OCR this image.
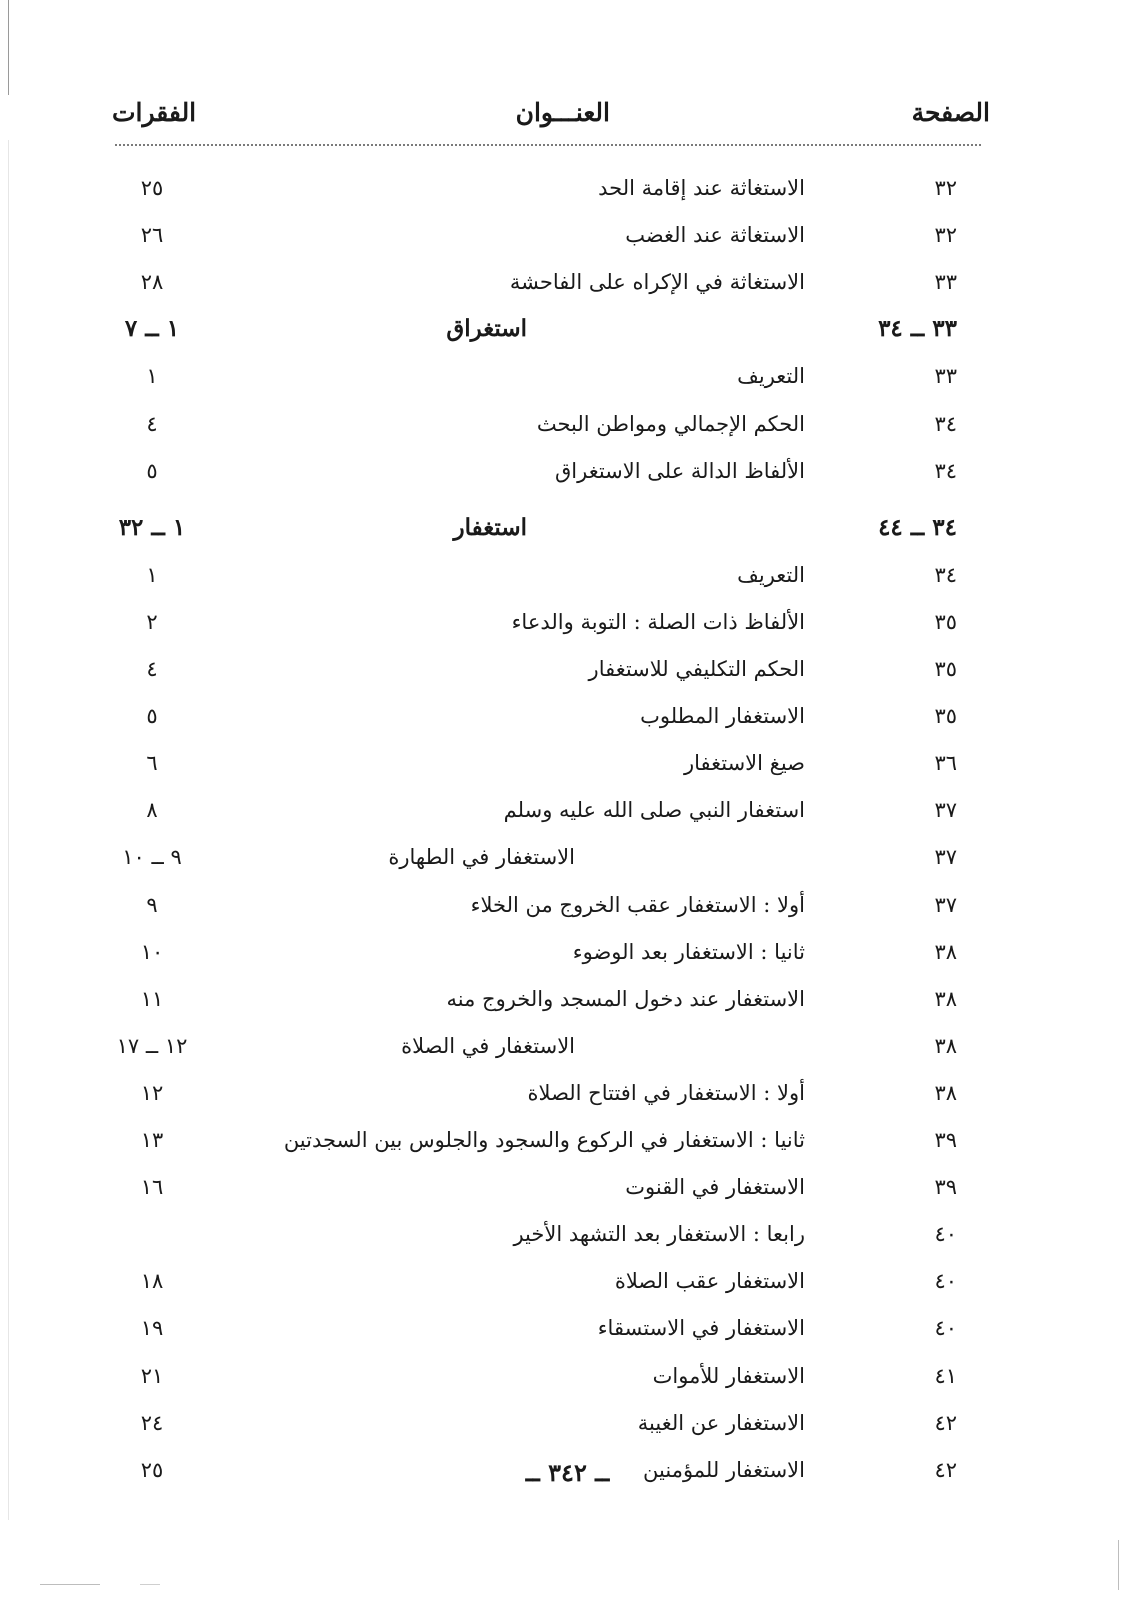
الصفحة
العنـــوان
الفقرات
٣٢
الاستغاثة عند إقامة الحد
٢٥
٣٢
الاستغاثة عند الغضب
٢٦
٣٣
الاستغاثة في الإكراه على الفاحشة
٢٨
٣٣ ــ ٣٤
استغراق
١ ــ ٧
٣٣
التعريف
١
٣٤
الحكم الإجمالي ومواطن البحث
٤
٣٤
الألفاظ الدالة على الاستغراق
٥
٣٤ ــ ٤٤
استغفار
١ ــ ٣٢
٣٤
التعريف
١
٣٥
الألفاظ ذات الصلة : التوبة والدعاء
٢
٣٥
الحكم التكليفي للاستغفار
٤
٣٥
الاستغفار المطلوب
٥
٣٦
صيغ الاستغفار
٦
٣٧
استغفار النبي صلى الله عليه وسلم
٨
٣٧
الاستغفار في الطهارة
٩ ــ ١٠
٣٧
أولا : الاستغفار عقب الخروج من الخلاء
٩
٣٨
ثانيا : الاستغفار بعد الوضوء
١٠
٣٨
الاستغفار عند دخول المسجد والخروج منه
١١
٣٨
الاستغفار في الصلاة
١٢ ــ ١٧
٣٨
أولا : الاستغفار في افتتاح الصلاة
١٢
٣٩
ثانيا : الاستغفار في الركوع والسجود والجلوس بين السجدتين
١٣
٣٩
الاستغفار في القنوت
١٦
٤٠
رابعا : الاستغفار بعد التشهد الأخير
٤٠
الاستغفار عقب الصلاة
١٨
٤٠
الاستغفار في الاستسقاء
١٩
٤١
الاستغفار للأموات
٢١
٤٢
الاستغفار عن الغيبة
٢٤
٤٢
الاستغفار للمؤمنين
٢٥	ــ ٣٤٢ ــ
